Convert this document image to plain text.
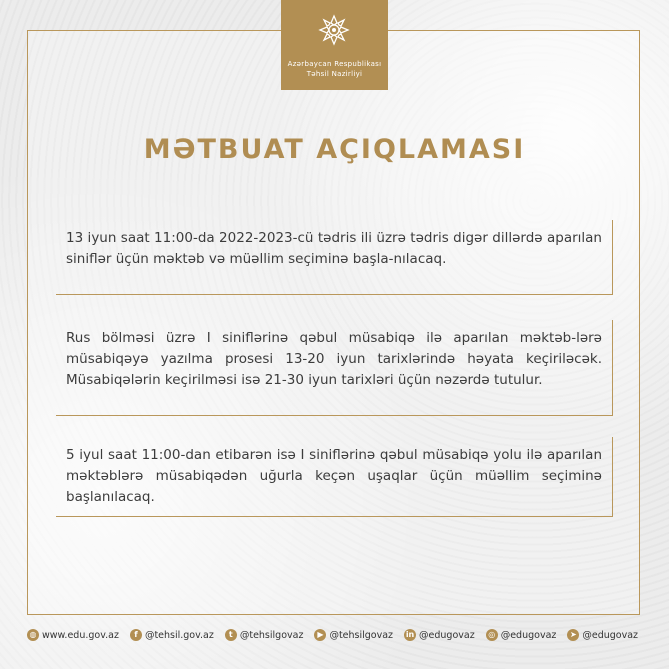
Azərbaycan Respublikası
Təhsil Nazirliyi
MƏTBUAT AÇIQLAMASI
13 iyun saat 11:00-da 2022-2023-cü tədris ili üzrə tədris digər dillərdə aparılan siniflər üçün məktəb və müəllim seçiminə başla-nılacaq.
Rus bölməsi üzrə I siniflərinə qəbul müsabiqə ilə aparılan məktəb-lərə müsabiqəyə yazılma prosesi 13-20 iyun tarixlərində həyata keçiriləcək. Müsabiqələrin keçirilməsi isə 21-30 iyun tarixləri üçün nəzərdə tutulur.
5 iyul saat 11:00-dan etibarən isə I siniflərinə qəbul müsabiqə yolu ilə aparılan məktəblərə müsabiqədən uğurla keçən uşaqlar üçün müəllim seçiminə başlanılacaq.
◍ www.edu.gov.az	f @tehsil.gov.az	t @tehsilgovaz	▶ @tehsilgovaz in @edugovaz	◎ @edugovaz	➤ @edugovaz
